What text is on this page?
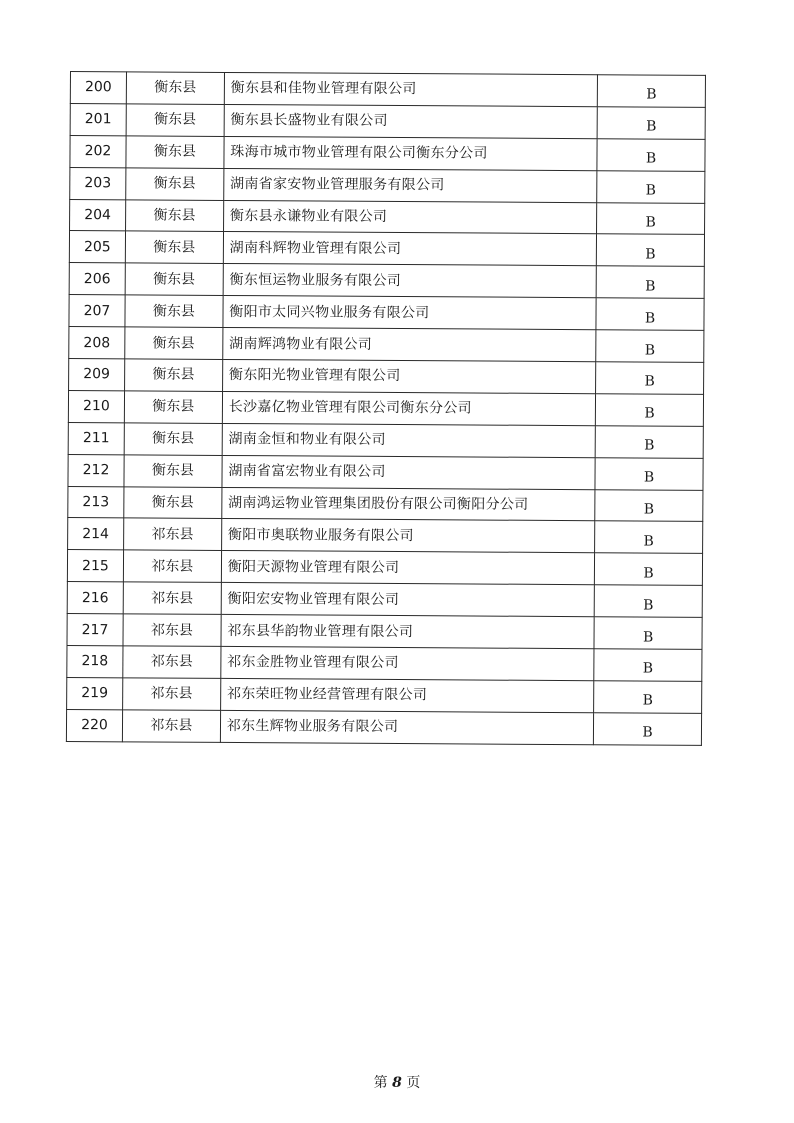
200	衡东县	衡东县和佳物业管理有限公司	B
201	衡东县	衡东县长盛物业有限公司	B
202	衡东县	珠海市城市物业管理有限公司衡东分公司	B
203	衡东县	湖南省家安物业管理服务有限公司	B
204	衡东县	衡东县永谦物业有限公司	B
205	衡东县	湖南科辉物业管理有限公司	B
206	衡东县	衡东恒运物业服务有限公司	B
207	衡东县	衡阳市太同兴物业服务有限公司	B
208	衡东县	湖南辉鸿物业有限公司	B
209	衡东县	衡东阳光物业管理有限公司	B
210	衡东县	长沙嘉亿物业管理有限公司衡东分公司	B
211	衡东县	湖南金恒和物业有限公司	B
212	衡东县	湖南省富宏物业有限公司	B
213	衡东县	湖南鸿运物业管理集团股份有限公司衡阳分公司	B
214	祁东县	衡阳市奥联物业服务有限公司	B
215	祁东县	衡阳天源物业管理有限公司	B
216	祁东县	衡阳宏安物业管理有限公司	B
217	祁东县	祁东县华韵物业管理有限公司	B
218	祁东县	祁东金胜物业管理有限公司	B
219	祁东县	祁东荣旺物业经营管理有限公司	B
220	祁东县	祁东生辉物业服务有限公司	B
第 8 页
